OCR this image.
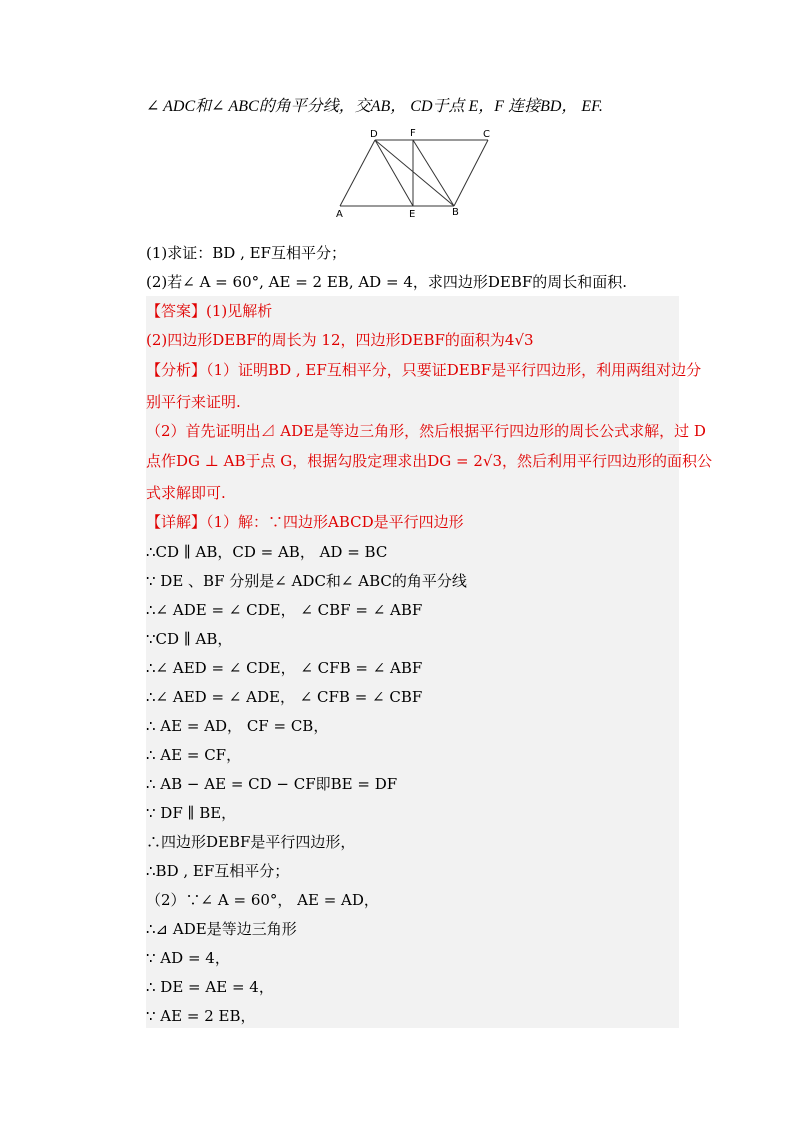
∠ ADC和∠ ABC的角平分线，交AB， CD于点 E，F 连接BD， EF.
D	F	C
A	E	B
(1)求证：BD , EF互相平分；
(2)若∠ A = 60°, AE = 2 EB, AD = 4，求四边形DEBF的周长和面积.
【答案】(1)见解析
(2)四边形DEBF的周长为 12，四边形DEBF的面积为4√3
【分析】（1）证明BD , EF互相平分，只要证DEBF是平行四边形，利用两组对边分
别平行来证明.
（2）首先证明出⊿ ADE是等边三角形，然后根据平行四边形的周长公式求解，过 D
点作DG ⊥ AB于点 G，根据勾股定理求出DG = 2√3，然后利用平行四边形的面积公
式求解即可.
【详解】（1）解：∵四边形ABCD是平行四边形
∴CD ∥ AB，CD = AB， AD = BC
∵ DE 、BF 分别是∠ ADC和∠ ABC的角平分线
∴∠ ADE = ∠ CDE， ∠ CBF = ∠ ABF
∵CD ∥ AB，
∴∠ AED = ∠ CDE， ∠ CFB = ∠ ABF
∴∠ AED = ∠ ADE， ∠ CFB = ∠ CBF
∴ AE = AD， CF = CB，
∴ AE = CF，
∴ AB − AE = CD − CF即BE = DF
∵ DF ∥ BE，
∴四边形DEBF是平行四边形，
∴BD , EF互相平分；
（2）∵∠ A = 60°， AE = AD，
∴⊿ ADE是等边三角形
∵ AD = 4，
∴ DE = AE = 4，
∵ AE = 2 EB，
